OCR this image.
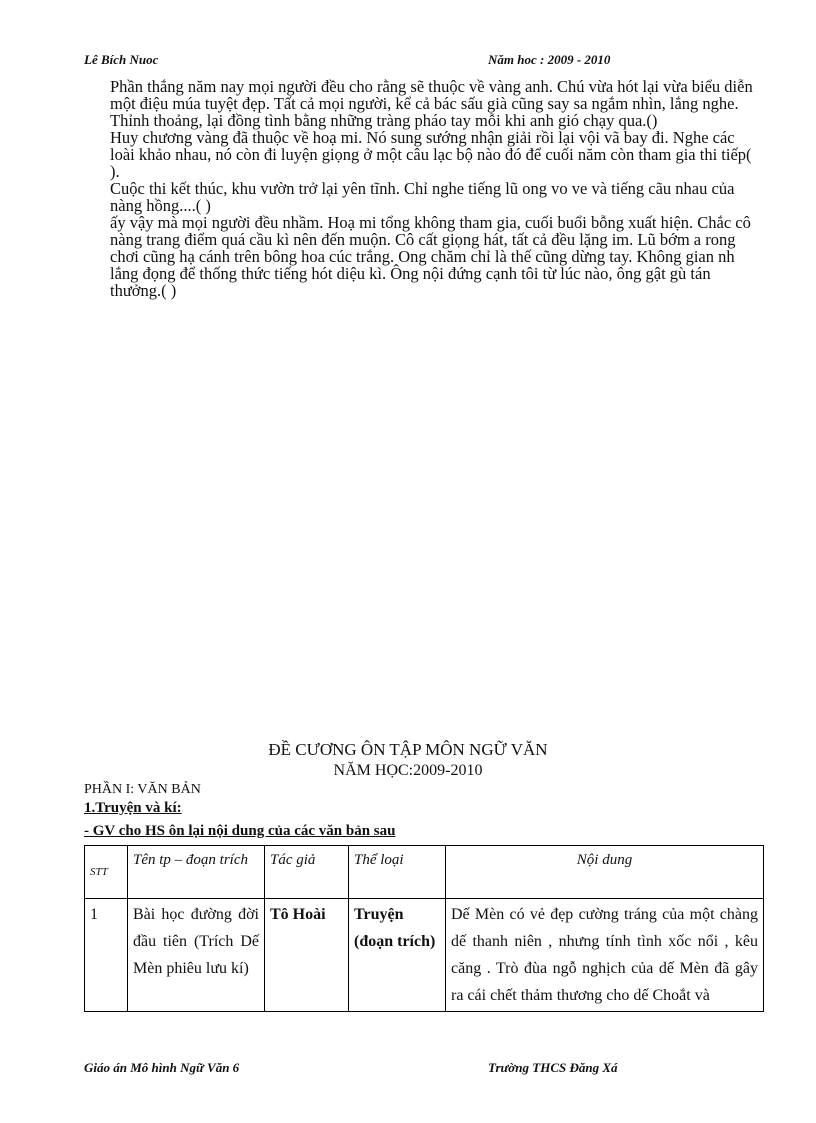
Lê Bích Nuoc	Năm hoc : 2009 - 2010

Phần thắng năm nay mọi người đều cho rằng sẽ thuộc về vàng anh. Chú vừa hót lại vừa biểu diễn một điệu múa tuyệt đẹp. Tất cả mọi người, kể cả bác sấu già cũng say sa ngắm nhìn, lắng nghe. Thỉnh thoảng, lại đồng tình bằng những tràng pháo tay mỗi khi anh gió chạy qua.()

Huy chương vàng đã thuộc về hoạ mi. Nó sung sướng nhận giải rồi lại vội vã bay đi. Nghe các loài khảo nhau, nó còn đi luyện giọng ở một câu lạc bộ nào đó để cuối năm còn tham gia thi tiếp( ).

Cuộc thi kết thúc, khu vườn trở lại yên tĩnh. Chỉ nghe tiếng lũ ong vo ve và tiếng cãu nhau của nàng hồng....( )

ấy vậy mà mọi người đều nhầm. Hoạ mi tổng không tham gia, cuối buổi bỗng xuất hiện. Chắc cô nàng trang điểm quá cầu kì nên đến muộn. Cô cất giọng hát, tất cả đều lặng im. Lũ bớm a rong chơi cũng hạ cánh trên bông hoa cúc trắng. Ong chăm chỉ là thế cũng dừng tay. Không gian nh lắng đọng để thống thức tiếng hót diệu kì. Ông nội đứng cạnh tôi từ lúc nào, ông gật gù tán thưởng.( )

ĐỀ CƯƠNG ÔN TẬP MÔN NGỮ VĂN
NĂM HỌC:2009-2010
PHẦN I: VĂN BẢN
1.Truyện và kí:
- GV cho HS ôn lại nội dung của các văn bản sau
STT	Tên tp – đoạn trích	Tác giả	Thể loại	Nội dung
1	Bài học đường đời đầu tiên (Trích Dế Mèn phiêu lưu kí)	Tô Hoài	Truyện (đoạn trích)	Dế Mèn có vẻ đẹp cường tráng của một chàng dế thanh niên , nhưng tính tình xốc nổi , kêu căng . Trò đùa ngỗ nghịch của dế Mèn đã gây ra cái chết thảm thương cho dế Choắt và
Giáo án Mô hình Ngữ Văn 6	Trường THCS Đăng Xá
